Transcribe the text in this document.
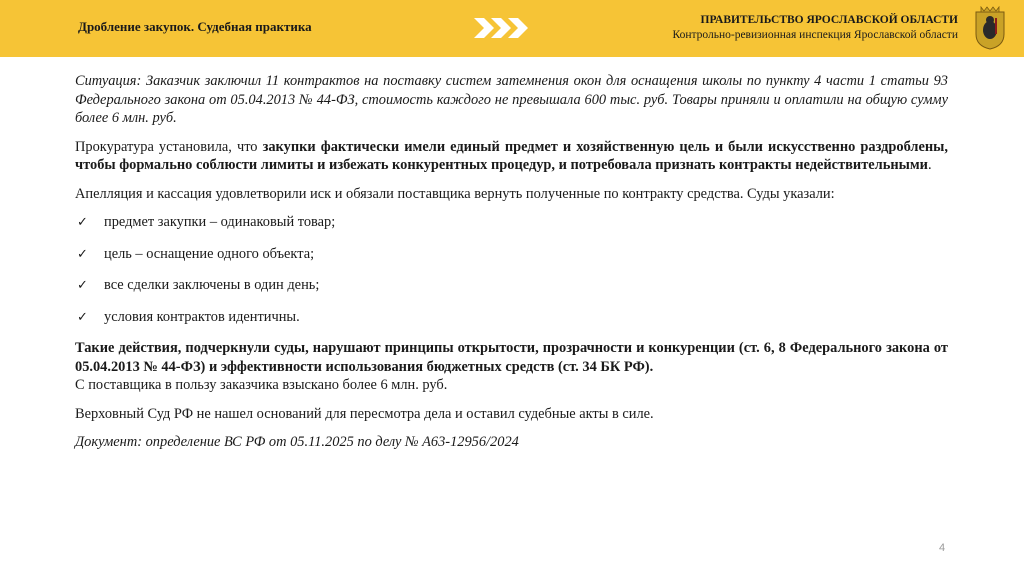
Дробление закупок. Судебная практика	ПРАВИТЕЛЬСТВО ЯРОСЛАВСКОЙ ОБЛАСТИ
Контрольно-ревизионная инспекция Ярославской области

Ситуация: Заказчик заключил 11 контрактов на поставку систем затемнения окон для оснащения школы по пункту 4 части 1 статьи 93 Федерального закона от 05.04.2013 № 44-ФЗ, стоимость каждого не превышала 600 тыс. руб. Товары приняли и оплатили на общую сумму более 6 млн. руб.

Прокуратура установила, что закупки фактически имели единый предмет и хозяйственную цель и были искусственно раздроблены, чтобы формально соблюсти лимиты и избежать конкурентных процедур, и потребовала признать контракты недействительными.

Апелляция и кассация удовлетворили иск и обязали поставщика вернуть полученные по контракту средства. Суды указали:

✓ предмет закупки – одинаковый товар;
✓ цель – оснащение одного объекта;
✓ все сделки заключены в один день;
✓ условия контрактов идентичны.

Такие действия, подчеркнули суды, нарушают принципы открытости, прозрачности и конкуренции (ст. 6, 8 Федерального закона от 05.04.2013 № 44-ФЗ) и эффективности использования бюджетных средств (ст. 34 БК РФ).
С поставщика в пользу заказчика взыскано более 6 млн. руб.

Верховный Суд РФ не нашел оснований для пересмотра дела и оставил судебные акты в силе.

Документ: определение ВС РФ от 05.11.2025 по делу № А63-12956/2024

4
